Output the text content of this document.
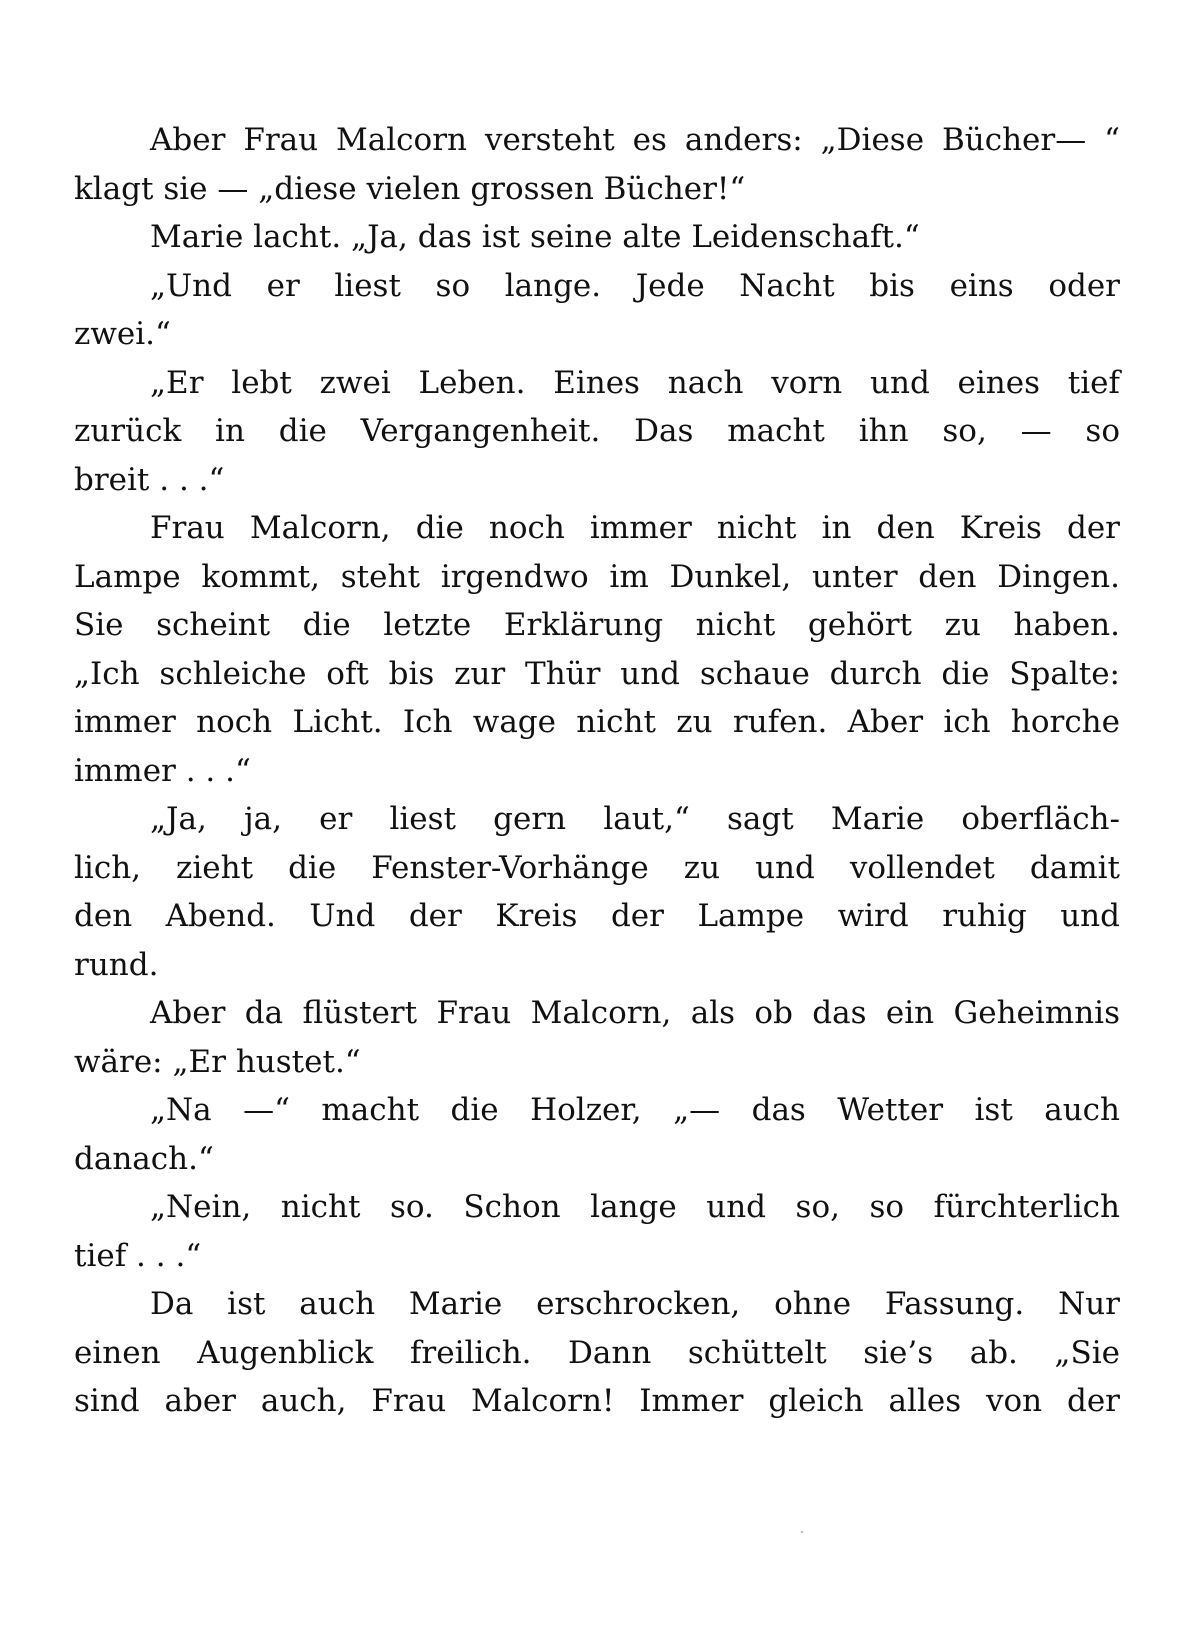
Aber Frau Malcorn versteht es anders: „Diese Bücher— “
klagt sie — „diese vielen grossen Bücher!“
Marie lacht. „Ja, das ist seine alte Leidenschaft.“
„Und er liest so lange. Jede Nacht bis eins oder
zwei.“
„Er lebt zwei Leben. Eines nach vorn und eines tief
zurück in die Vergangenheit. Das macht ihn so, — so
breit . . .“
Frau Malcorn, die noch immer nicht in den Kreis der
Lampe kommt, steht irgendwo im Dunkel, unter den Dingen.
Sie scheint die letzte Erklärung nicht gehört zu haben.
„Ich schleiche oft bis zur Thür und schaue durch die Spalte:
immer noch Licht. Ich wage nicht zu rufen. Aber ich horche
immer . . .“
„Ja, ja, er liest gern laut,“ sagt Marie oberfläch-
lich, zieht die Fenster-Vorhänge zu und vollendet damit
den Abend. Und der Kreis der Lampe wird ruhig und
rund.
Aber da flüstert Frau Malcorn, als ob das ein Geheimnis
wäre: „Er hustet.“
„Na —“ macht die Holzer, „— das Wetter ist auch
danach.“
„Nein, nicht so. Schon lange und so, so fürchterlich
tief . . .“
Da ist auch Marie erschrocken, ohne Fassung. Nur
einen Augenblick freilich. Dann schüttelt sie’s ab. „Sie
sind aber auch, Frau Malcorn! Immer gleich alles von der
